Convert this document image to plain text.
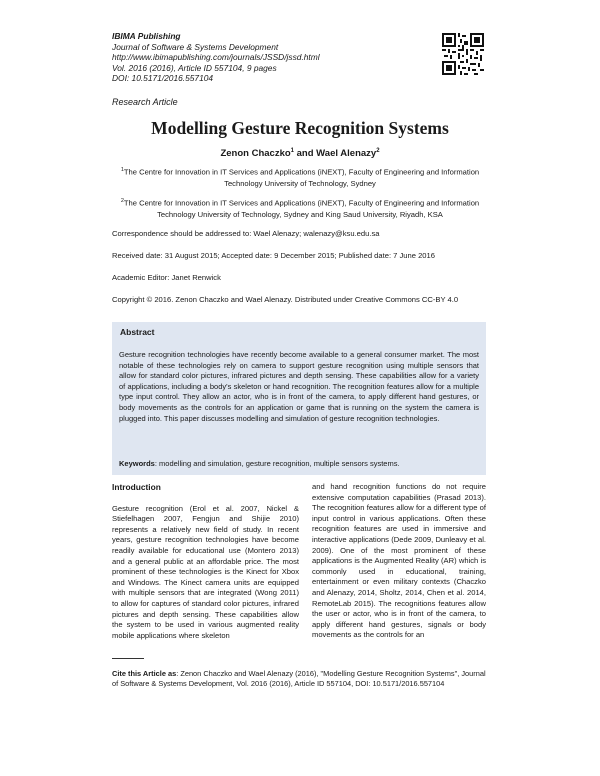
IBIMA Publishing
Journal of Software & Systems Development
http://www.ibimapublishing.com/journals/JSSD/jssd.html
Vol. 2016 (2016), Article ID 557104, 9 pages
DOI: 10.5171/2016.557104
Research Article
Modelling Gesture Recognition Systems
Zenon Chaczko$^1$ and Wael Alenazy$^2$
$^1$The Centre for Innovation in IT Services and Applications (iNEXT), Faculty of Engineering and Information Technology University of Technology, Sydney
$^2$The Centre for Innovation in IT Services and Applications (iNEXT), Faculty of Engineering and Information Technology University of Technology, Sydney and King Saud University, Riyadh, KSA
Correspondence should be addressed to: Wael Alenazy; walenazy@ksu.edu.sa
Received date: 31 August 2015; Accepted date: 9 December 2015; Published date: 7 June 2016
Academic Editor: Janet Renwick
Copyright © 2016. Zenon Chaczko and Wael Alenazy. Distributed under Creative Commons CC-BY 4.0
Abstract
Gesture recognition technologies have recently become available to a general consumer market. The most notable of these technologies rely on camera to support gesture recognition using multiple sensors that allow for standard color pictures, infrared pictures and depth sensing. These capabilities allow for a variety of applications, including a body's skeleton or hand recognition. The recognition features allow for a multiple type input control. They allow an actor, who is in front of the camera, to apply different hand gestures, or body movements as the controls for an application or game that is running on the system the camera is plugged into. This paper discusses modelling and simulation of gesture recognition technologies.
Keywords: modelling and simulation, gesture recognition, multiple sensors systems.
Introduction
Gesture recognition (Erol et al. 2007, Nickel & Stiefelhagen 2007, Fengjun and Shijie 2010) represents a relatively new field of study. In recent years, gesture recognition technologies have become readily available for educational use (Montero 2013) and a general public at an affordable price. The most prominent of these technologies is the Kinect for Xbox and Windows. The Kinect camera units are equipped with multiple sensors that are integrated (Wong 2011) to allow for captures of standard color pictures, infrared pictures and depth sensing. These capabilities allow the system to be used in various augmented reality mobile applications where skeleton
and hand recognition functions do not require extensive computation capabilities (Prasad 2013). The recognition features allow for a different type of input control in various applications. Often these recognition features are used in immersive and interactive applications (Dede 2009, Dunleavy et al. 2009). One of the most prominent of these applications is the Augmented Reality (AR) which is commonly used in educational, training, entertainment or even military contexts (Chaczko and Alenazy, 2014, Sholtz, 2014, Chen et al. 2014, RemoteLab 2015). The recognitions features allow the user or actor, who is in front of the camera, to apply different hand gestures, signals or body movements as the controls for an
Cite this Article as: Zenon Chaczko and Wael Alenazy (2016), "Modelling Gesture Recognition Systems", Journal of Software & Systems Development, Vol. 2016 (2016), Article ID 557104, DOI: 10.5171/2016.557104
